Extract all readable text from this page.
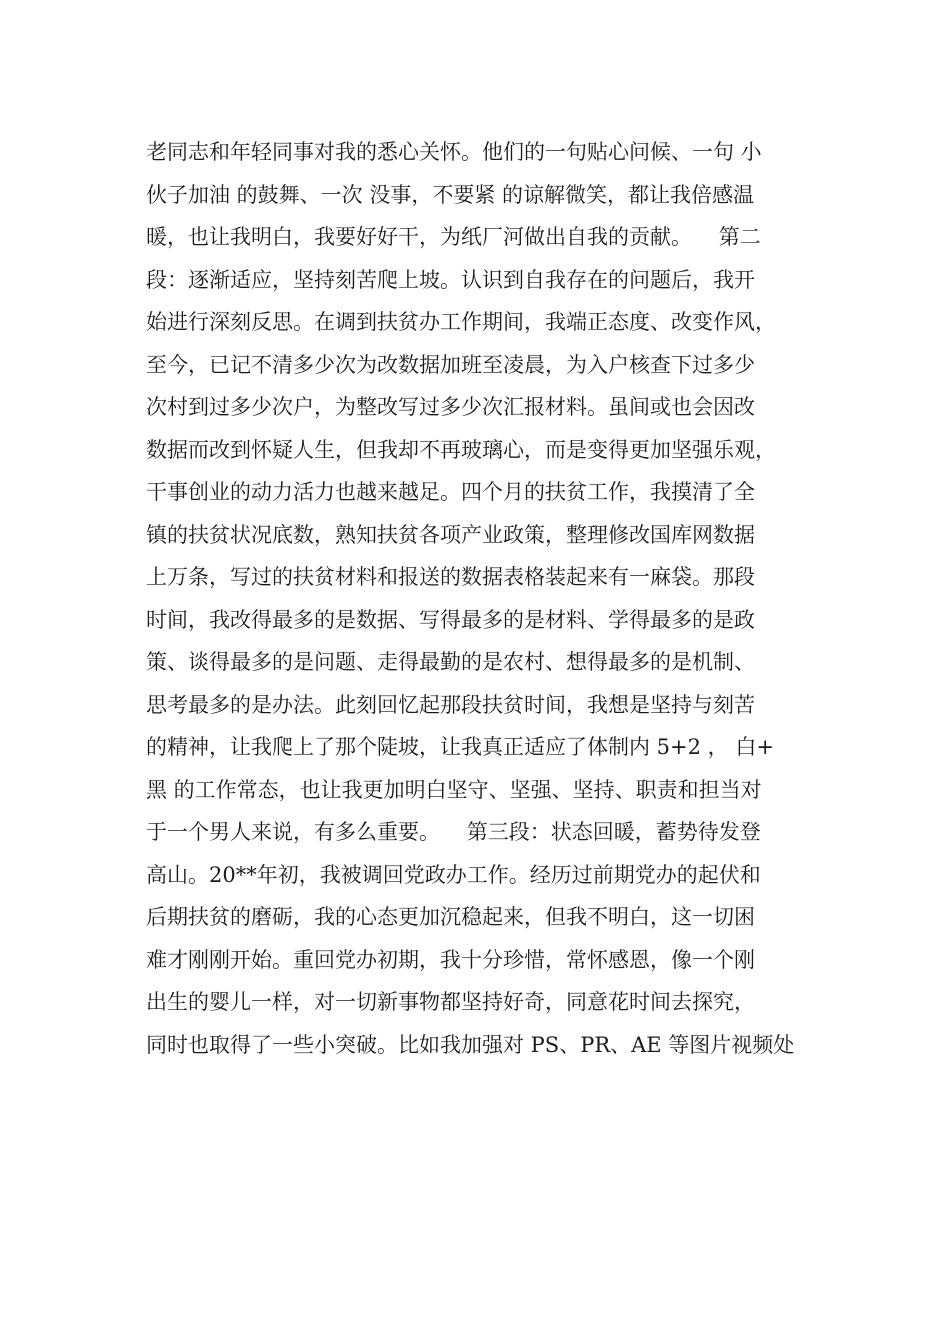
老同志和年轻同事对我的悉心关怀。他们的一句贴心问候、一句 小
伙子加油 的鼓舞、一次 没事，不要紧 的谅解微笑，都让我倍感温
暖，也让我明白，我要好好干，为纸厂河做出自我的贡献。    第二
段：逐渐适应，坚持刻苦爬上坡。认识到自我存在的问题后，我开
始进行深刻反思。在调到扶贫办工作期间，我端正态度、改变作风，
至今，已记不清多少次为改数据加班至凌晨，为入户核查下过多少
次村到过多少次户，为整改写过多少次汇报材料。虽间或也会因改
数据而改到怀疑人生，但我却不再玻璃心，而是变得更加坚强乐观，
干事创业的动力活力也越来越足。四个月的扶贫工作，我摸清了全
镇的扶贫状况底数，熟知扶贫各项产业政策，整理修改国库网数据
上万条，写过的扶贫材料和报送的数据表格装起来有一麻袋。那段
时间，我改得最多的是数据、写得最多的是材料、学得最多的是政
策、谈得最多的是问题、走得最勤的是农村、想得最多的是机制、
思考最多的是办法。此刻回忆起那段扶贫时间，我想是坚持与刻苦
的精神，让我爬上了那个陡坡，让我真正适应了体制内 5+2 ， 白+
黑 的工作常态，也让我更加明白坚守、坚强、坚持、职责和担当对
于一个男人来说，有多么重要。    第三段：状态回暖，蓄势待发登
高山。20**年初，我被调回党政办工作。经历过前期党办的起伏和
后期扶贫的磨砺，我的心态更加沉稳起来，但我不明白，这一切困
难才刚刚开始。重回党办初期，我十分珍惜，常怀感恩，像一个刚
出生的婴儿一样，对一切新事物都坚持好奇，同意花时间去探究，
同时也取得了一些小突破。比如我加强对 PS、PR、AE 等图片视频处
